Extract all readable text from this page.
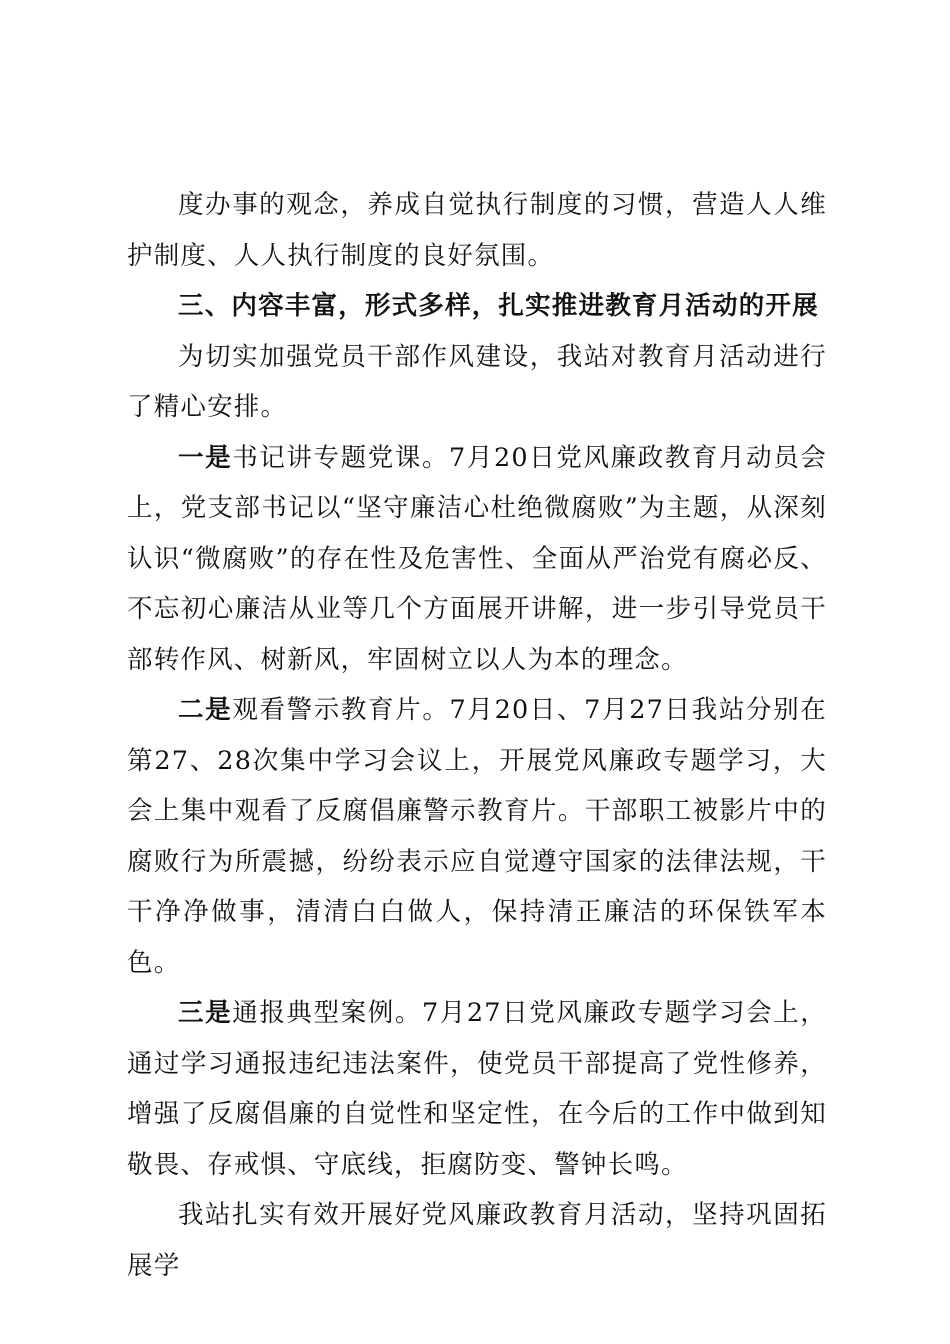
度办事的观念，养成自觉执行制度的习惯，营造人人维护制度、人人执行制度的良好氛围。

三、内容丰富，形式多样，扎实推进教育月活动的开展

为切实加强党员干部作风建设，我站对教育月活动进行了精心安排。

一是书记讲专题党课。7月20日党风廉政教育月动员会上，党支部书记以“坚守廉洁心杜绝微腐败”为主题，从深刻认识“微腐败”的存在性及危害性、全面从严治党有腐必反、不忘初心廉洁从业等几个方面展开讲解，进一步引导党员干部转作风、树新风，牢固树立以人为本的理念。

二是观看警示教育片。7月20日、7月27日我站分别在第27、28次集中学习会议上，开展党风廉政专题学习，大会上集中观看了反腐倡廉警示教育片。干部职工被影片中的腐败行为所震撼，纷纷表示应自觉遵守国家的法律法规，干干净净做事，清清白白做人，保持清正廉洁的环保铁军本色。

三是通报典型案例。7月27日党风廉政专题学习会上，通过学习通报违纪违法案件，使党员干部提高了党性修养，增强了反腐倡廉的自觉性和坚定性，在今后的工作中做到知敬畏、存戒惧、守底线，拒腐防变、警钟长鸣。

我站扎实有效开展好党风廉政教育月活动，坚持巩固拓展学
